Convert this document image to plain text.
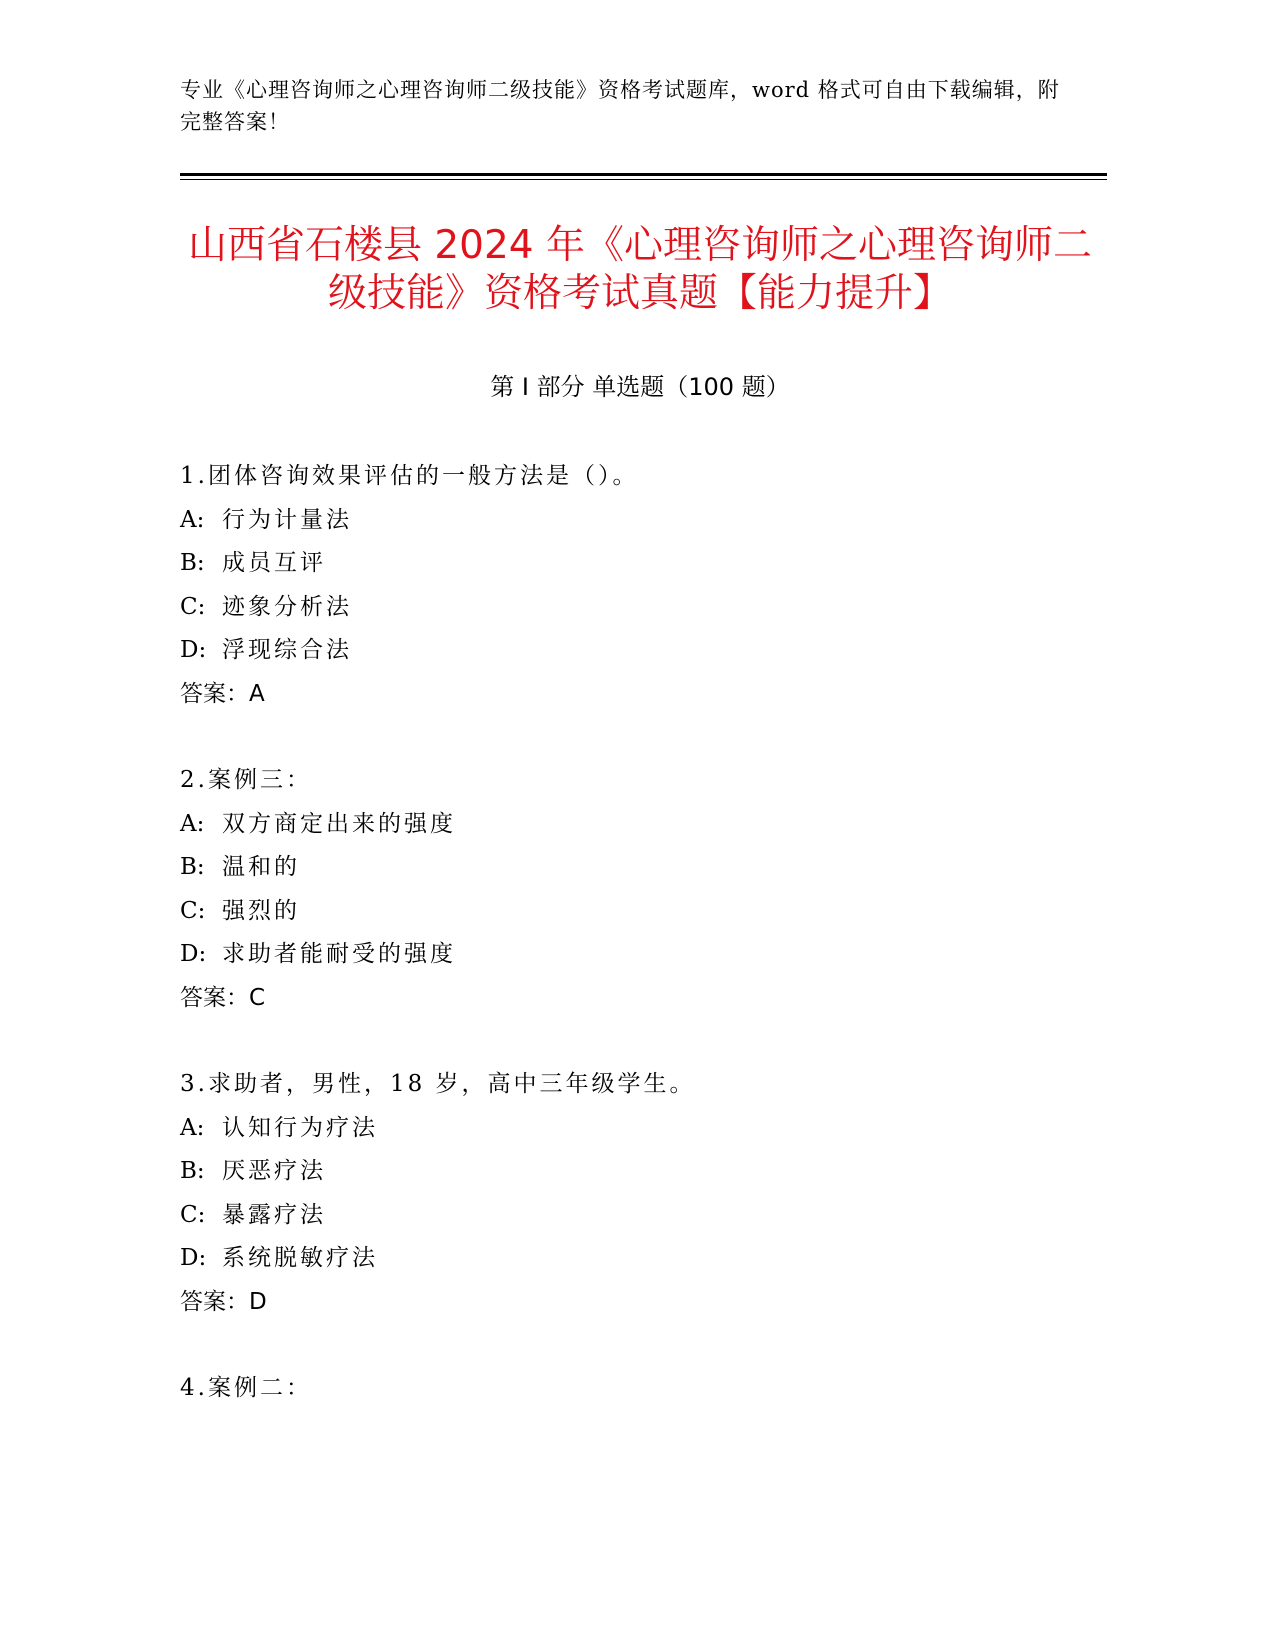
专业《心理咨询师之心理咨询师二级技能》资格考试题库，word 格式可自由下载编辑，附完整答案！
山西省石楼县 2024 年《心理咨询师之心理咨询师二级技能》资格考试真题【能力提升】
第 I 部分 单选题（100 题）
1.团体咨询效果评估的一般方法是（）。
A: 行为计量法
B: 成员互评
C: 迹象分析法
D: 浮现综合法
答案：A
2.案例三：
A: 双方商定出来的强度
B: 温和的
C: 强烈的
D: 求助者能耐受的强度
答案：C
3.求助者，男性，18 岁，高中三年级学生。
A: 认知行为疗法
B: 厌恶疗法
C: 暴露疗法
D: 系统脱敏疗法
答案：D
4.案例二：
